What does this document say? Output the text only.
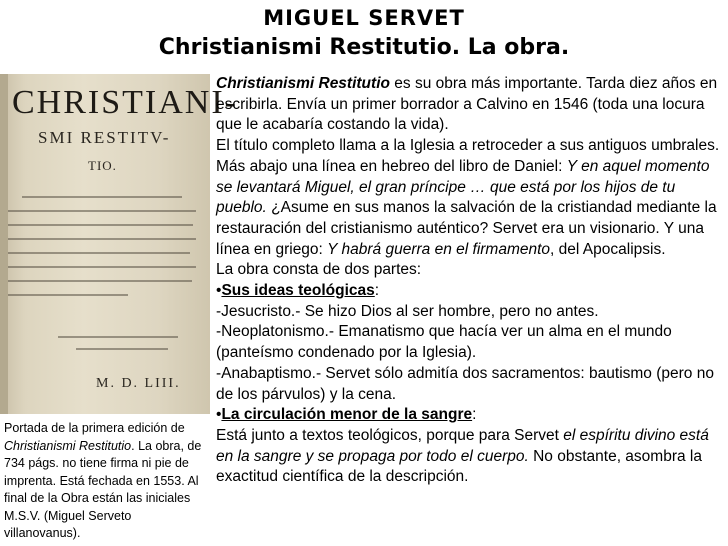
MIGUEL SERVET
Christianismi Restitutio. La obra.
CHRISTIANI-
SMI RESTITV-
TIO.
M. D. LIII.
Portada de la primera edición de Christianismi Restitutio. La obra, de 734 págs. no tiene firma ni pie de imprenta. Está fechada en 1553. Al final de la Obra están las iniciales M.S.V. (Miguel Serveto villanovanus).

Christianismi Restitutio es su obra más importante. Tarda diez años en escribirla. Envía un primer borrador a Calvino en 1546 (toda una locura que le acabaría costando la vida).

El título completo llama a la Iglesia a retroceder a sus antiguos umbrales. Más abajo una línea en hebreo del libro de Daniel: Y en aquel momento se levantará Miguel, el gran príncipe … que está por los hijos de tu pueblo. ¿Asume en sus manos la salvación de la cristiandad mediante la restauración del cristianismo auténtico? Servet era un visionario. Y una línea en griego: Y habrá guerra en el firmamento, del Apocalipsis.

La obra consta de dos partes:

•Sus ideas teológicas:

-Jesucristo.- Se hizo Dios al ser hombre, pero no antes.

-Neoplatonismo.- Emanatismo que hacía ver un alma en el mundo (panteísmo condenado por la Iglesia).

-Anabaptismo.- Servet sólo admitía dos sacramentos: bautismo (pero no de los párvulos) y la cena.

•La circulación menor de la sangre:

Está junto a textos teológicos, porque para Servet el espíritu divino está en la sangre y se propaga por todo el cuerpo. No obstante, asombra la exactitud científica de la descripción.
